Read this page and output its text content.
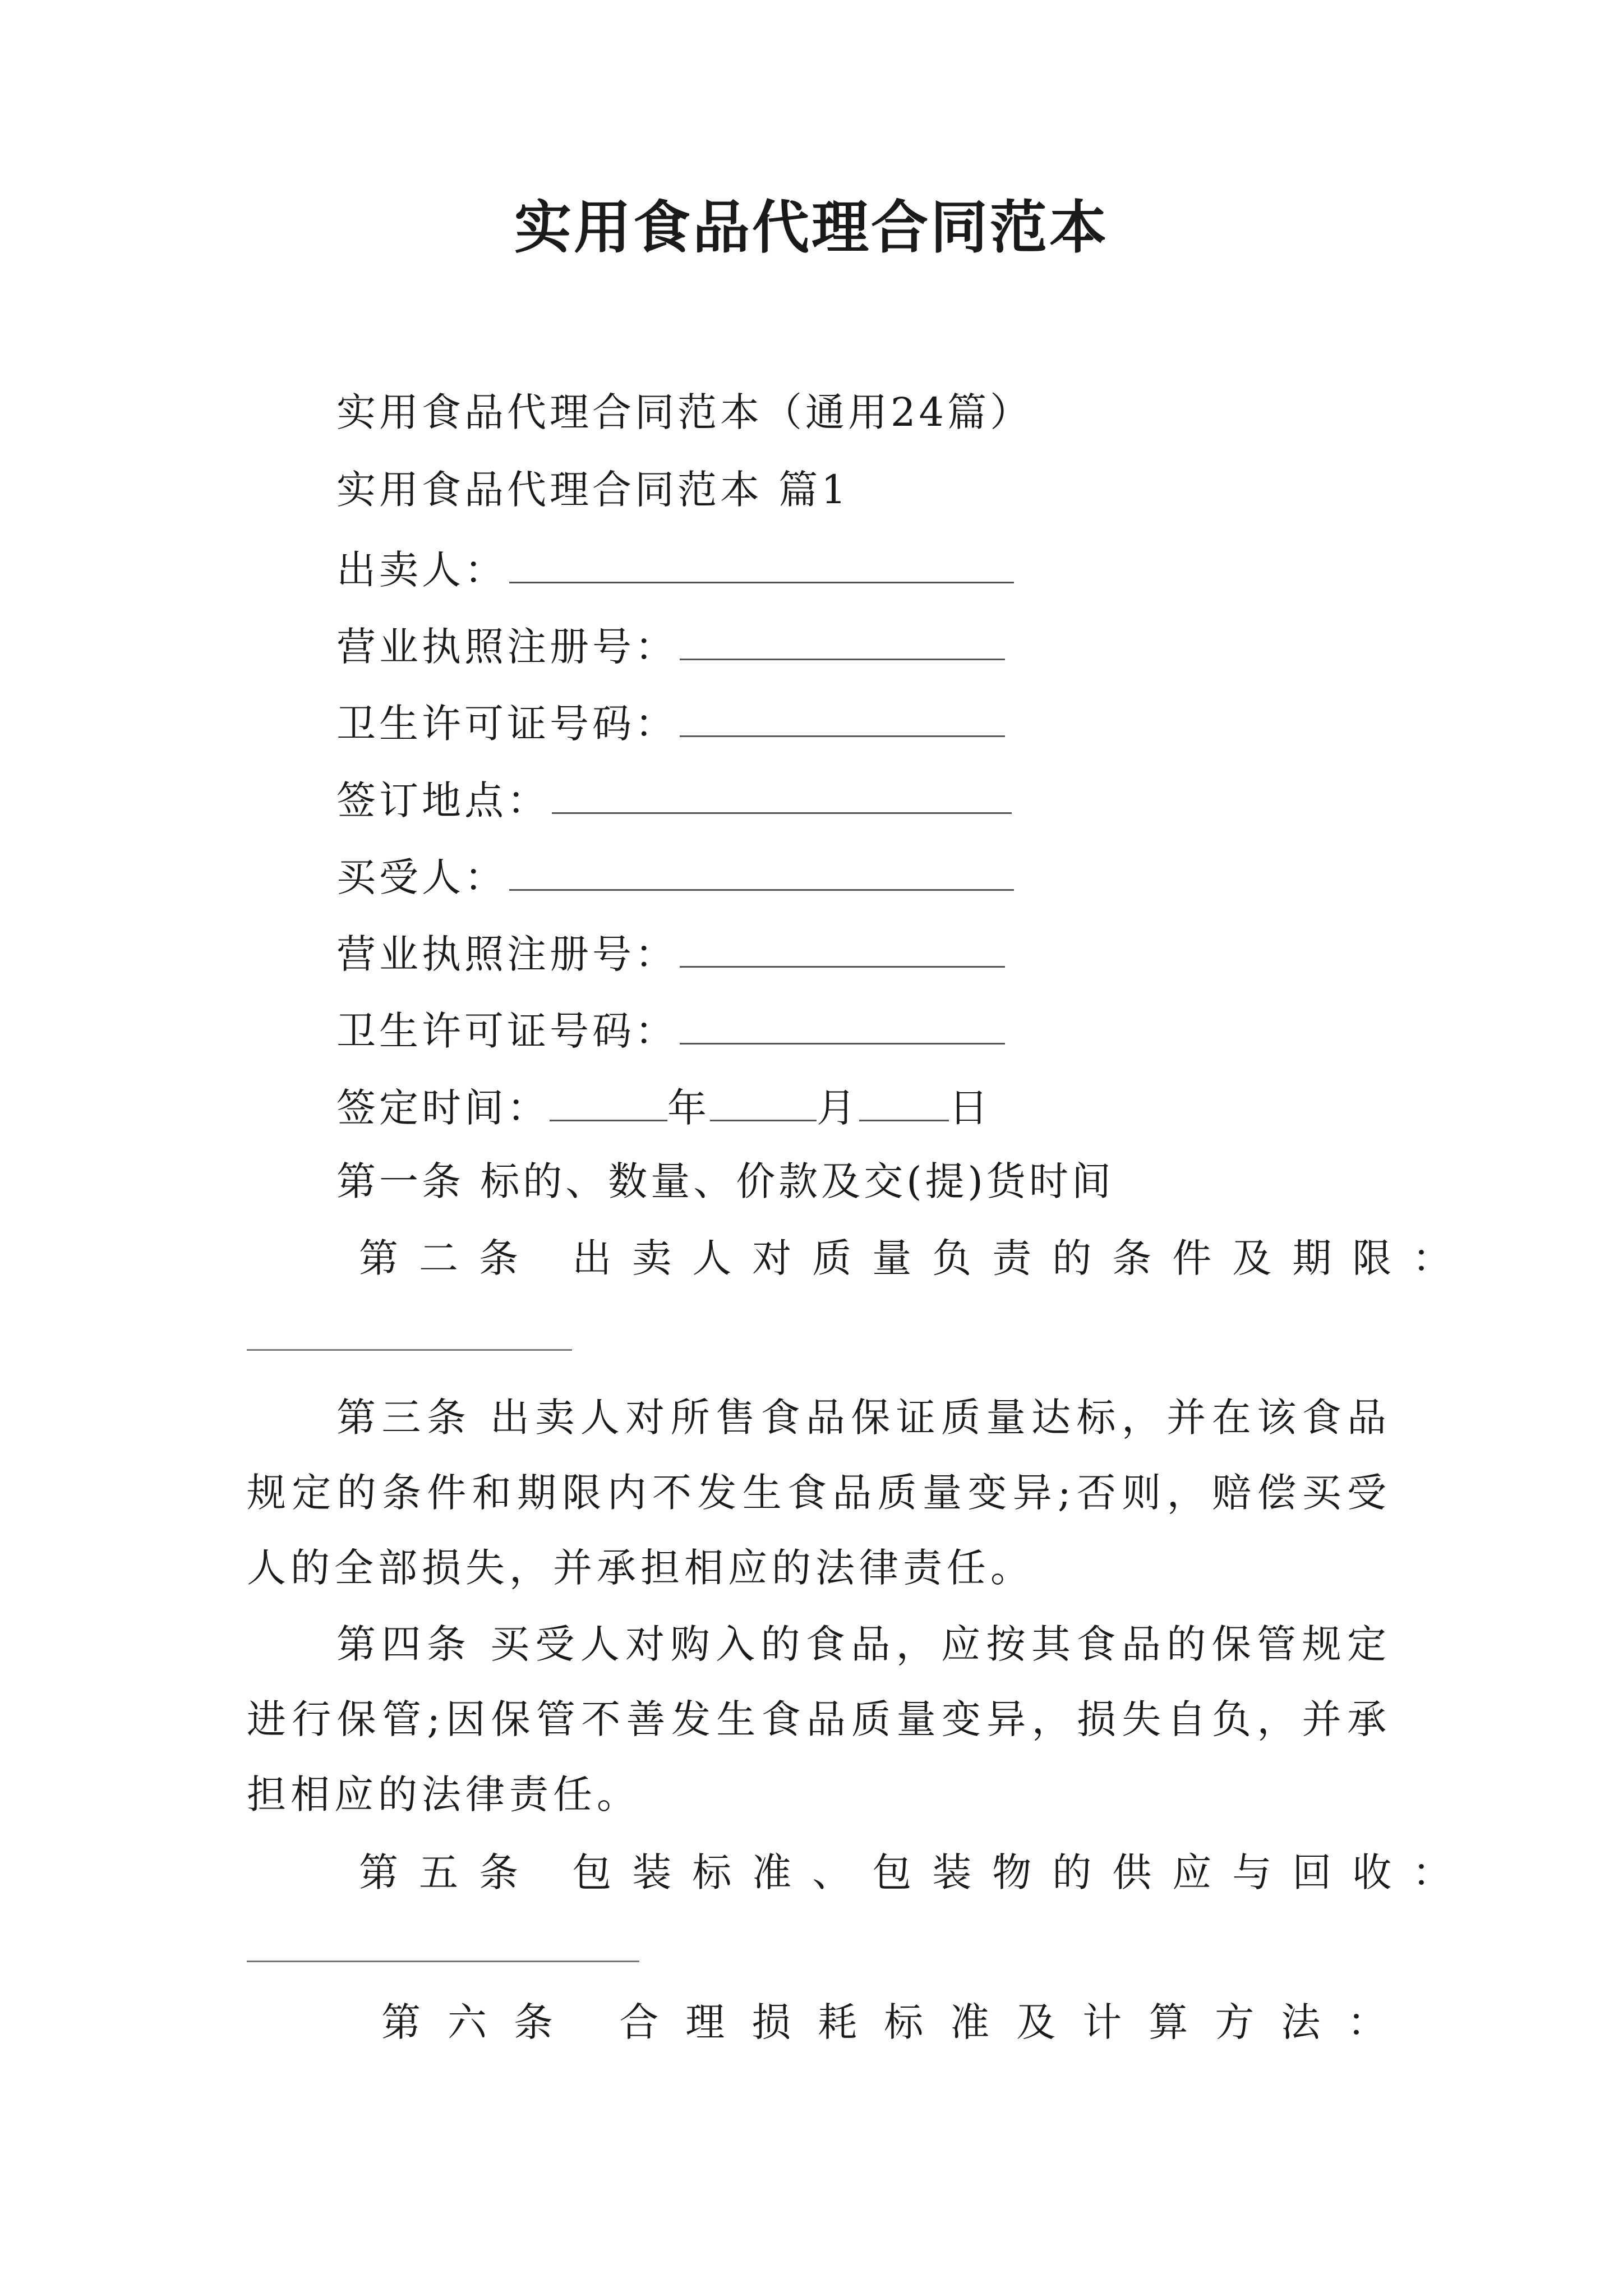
实用食品代理合同范本
实用食品代理合同范本（通用24篇）
实用食品代理合同范本 篇1
出卖人：
营业执照注册号：
卫生许可证号码：
签订地点：
买受人：
营业执照注册号：
卫生许可证号码：
签定时间：	年	月 日
第一条 标的、数量、价款及交(提)货时间
第二条 出卖人对质量负责的条件及期限：
第三条 出卖人对所售食品保证质量达标，并在该食品规定的条件和期限内不发生食品质量变异;否则，赔偿买受人的全部损失，并承担相应的法律责任。
第四条 买受人对购入的食品，应按其食品的保管规定进行保管;因保管不善发生食品质量变异，损失自负，并承担相应的法律责任。
第五条 包装标准、包装物的供应与回收：
第六条 合理损耗标准及计算方法：
